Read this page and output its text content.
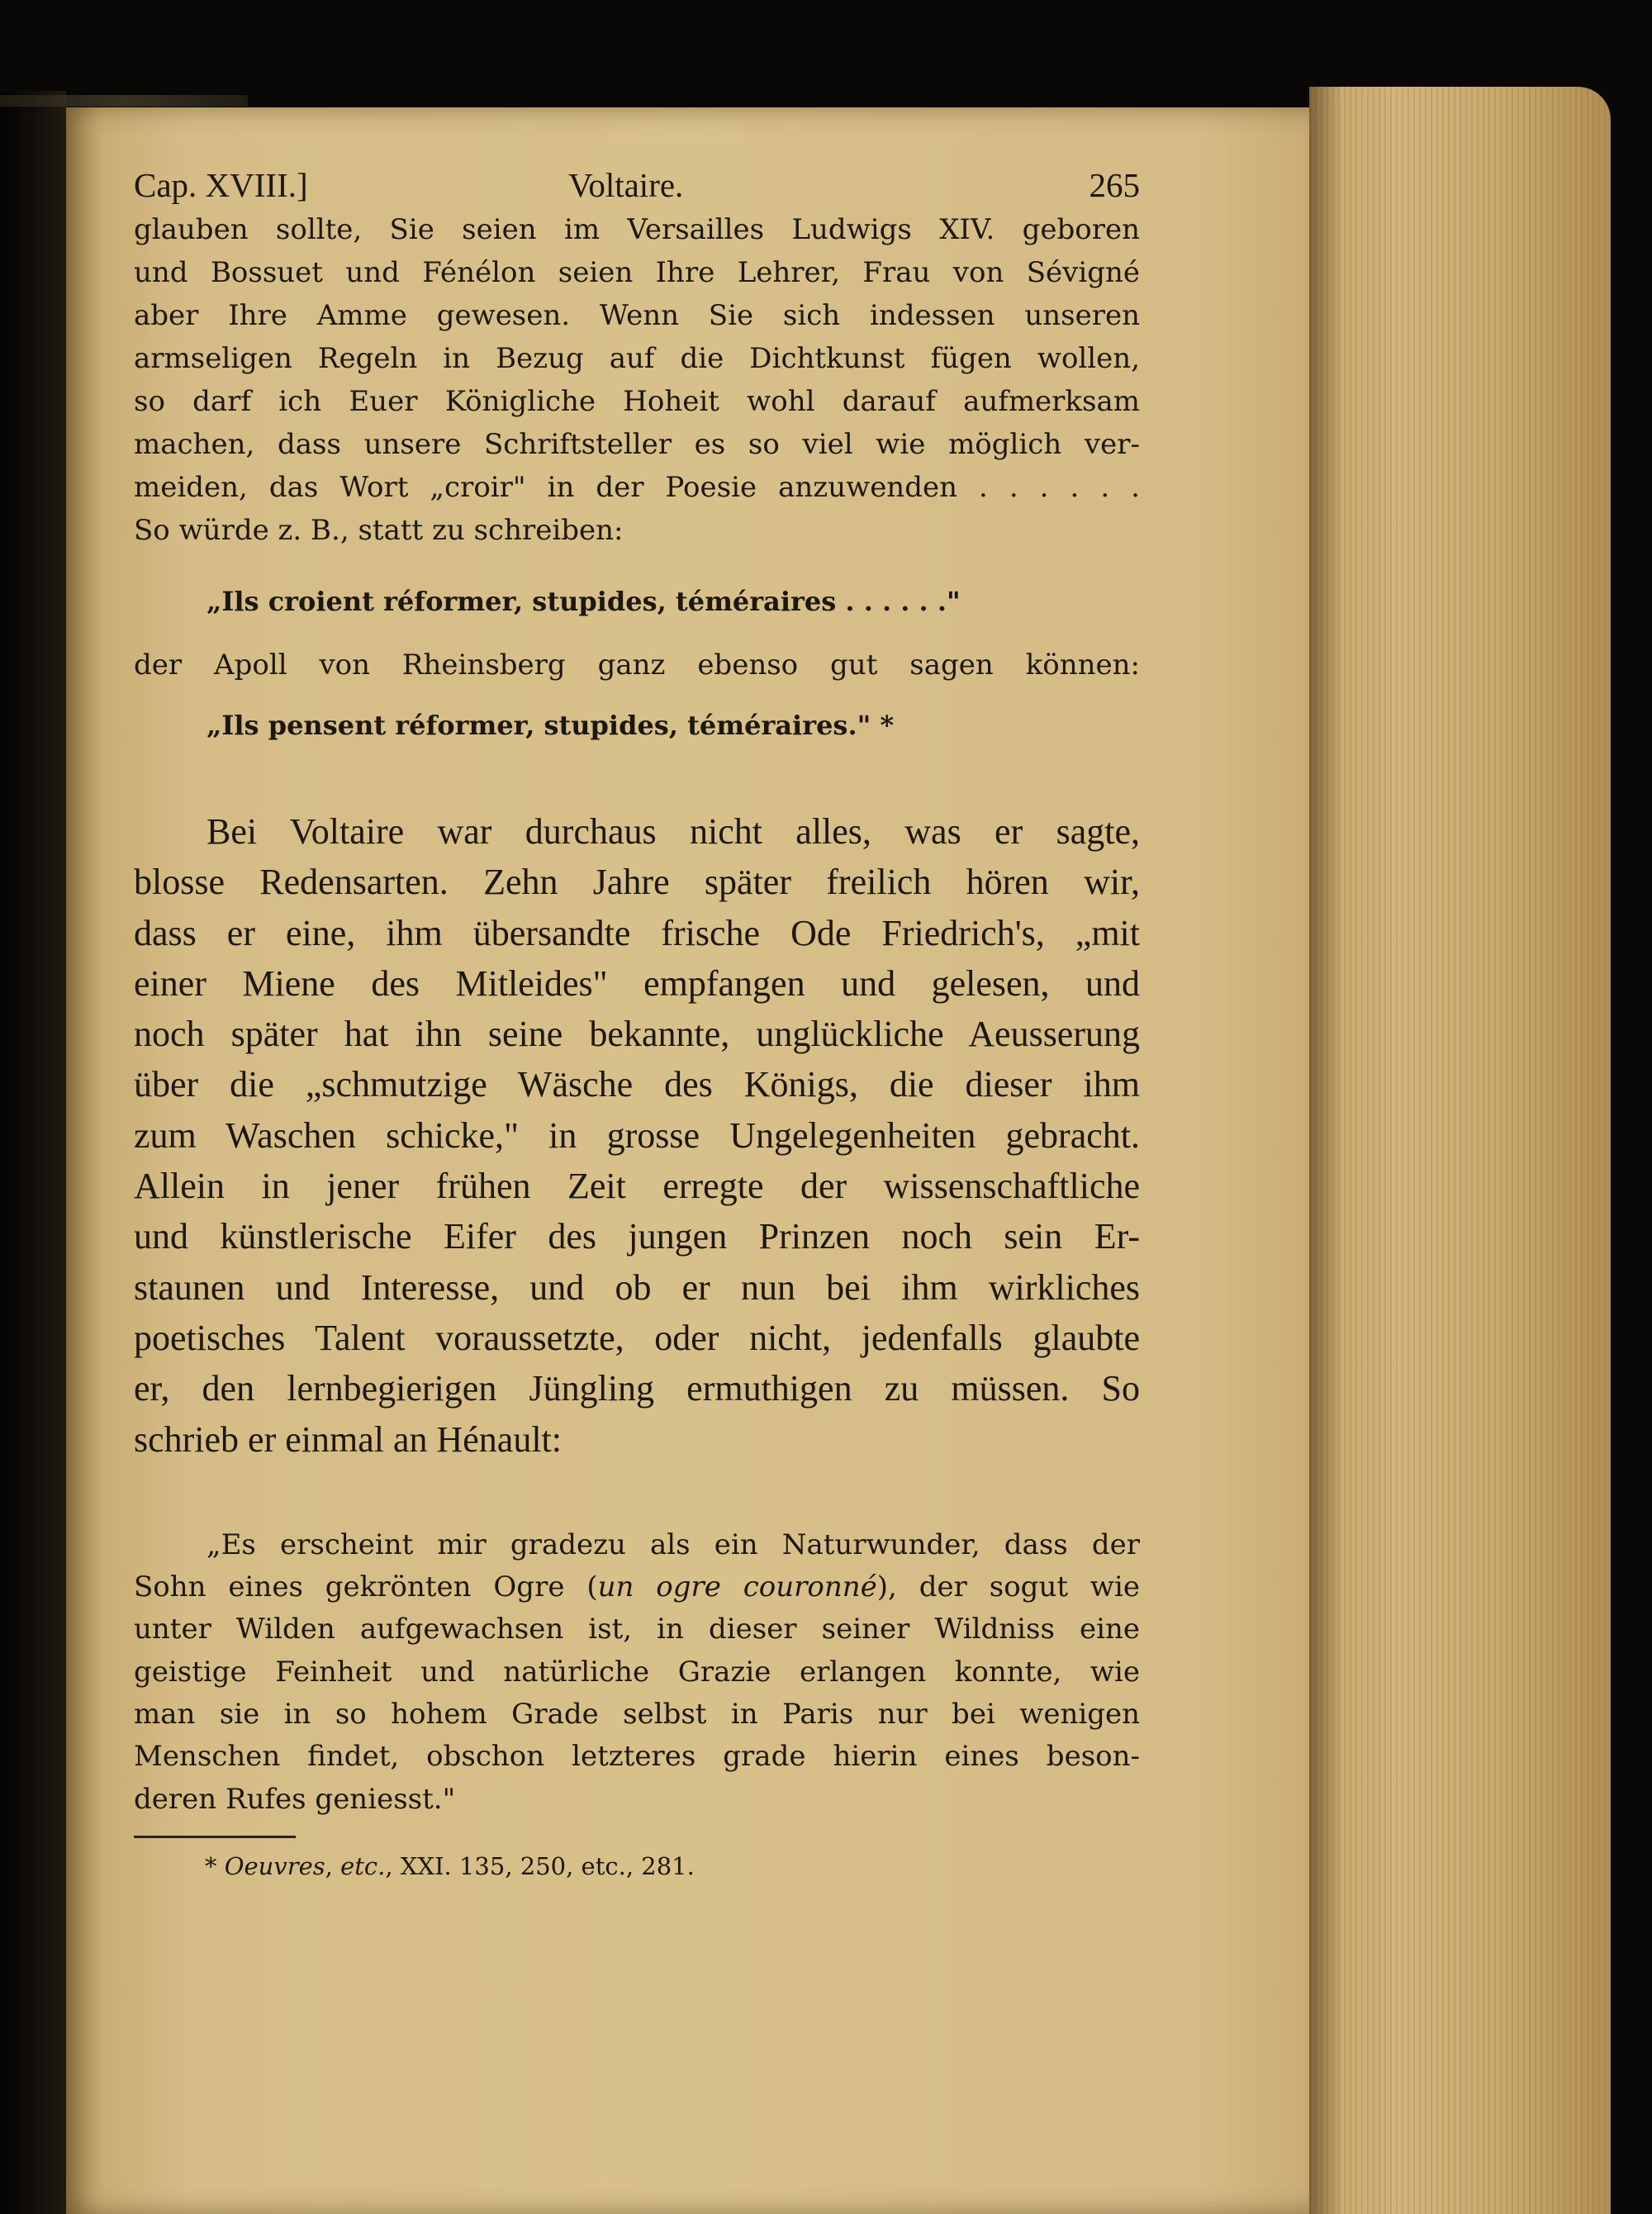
Cap. XVIII.]	Voltaire.	265
glauben sollte, Sie seien im Versailles Ludwigs XIV. geboren
und Bossuet und Fénélon seien Ihre Lehrer, Frau von Sévigné
aber Ihre Amme gewesen. Wenn Sie sich indessen unseren
armseligen Regeln in Bezug auf die Dichtkunst fügen wollen,
so darf ich Euer Königliche Hoheit wohl darauf aufmerksam
machen, dass unsere Schriftsteller es so viel wie möglich ver-
meiden, das Wort „croir" in der Poesie anzuwenden . . . . . .
So würde z. B., statt zu schreiben:
„Ils croient réformer, stupides, téméraires . . . . . ."
der Apoll von Rheinsberg ganz ebenso gut sagen können:
„Ils pensent réformer, stupides, téméraires." *
Bei Voltaire war durchaus nicht alles, was er sagte,
blosse Redensarten. Zehn Jahre später freilich hören wir,
dass er eine, ihm übersandte frische Ode Friedrich's, „mit
einer Miene des Mitleides" empfangen und gelesen, und
noch später hat ihn seine bekannte, unglückliche Aeusserung
über die „schmutzige Wäsche des Königs, die dieser ihm
zum Waschen schicke," in grosse Ungelegenheiten gebracht.
Allein in jener frühen Zeit erregte der wissenschaftliche
und künstlerische Eifer des jungen Prinzen noch sein Er-
staunen und Interesse, und ob er nun bei ihm wirkliches
poetisches Talent voraussetzte, oder nicht, jedenfalls glaubte
er, den lernbegierigen Jüngling ermuthigen zu müssen. So
schrieb er einmal an Hénault:
„Es erscheint mir gradezu als ein Naturwunder, dass der
Sohn eines gekrönten Ogre (un ogre couronné), der sogut wie
unter Wilden aufgewachsen ist, in dieser seiner Wildniss eine
geistige Feinheit und natürliche Grazie erlangen konnte, wie
man sie in so hohem Grade selbst in Paris nur bei wenigen
Menschen findet, obschon letzteres grade hierin eines beson-
deren Rufes geniesst."
* Oeuvres, etc., XXI. 135, 250, etc., 281.
